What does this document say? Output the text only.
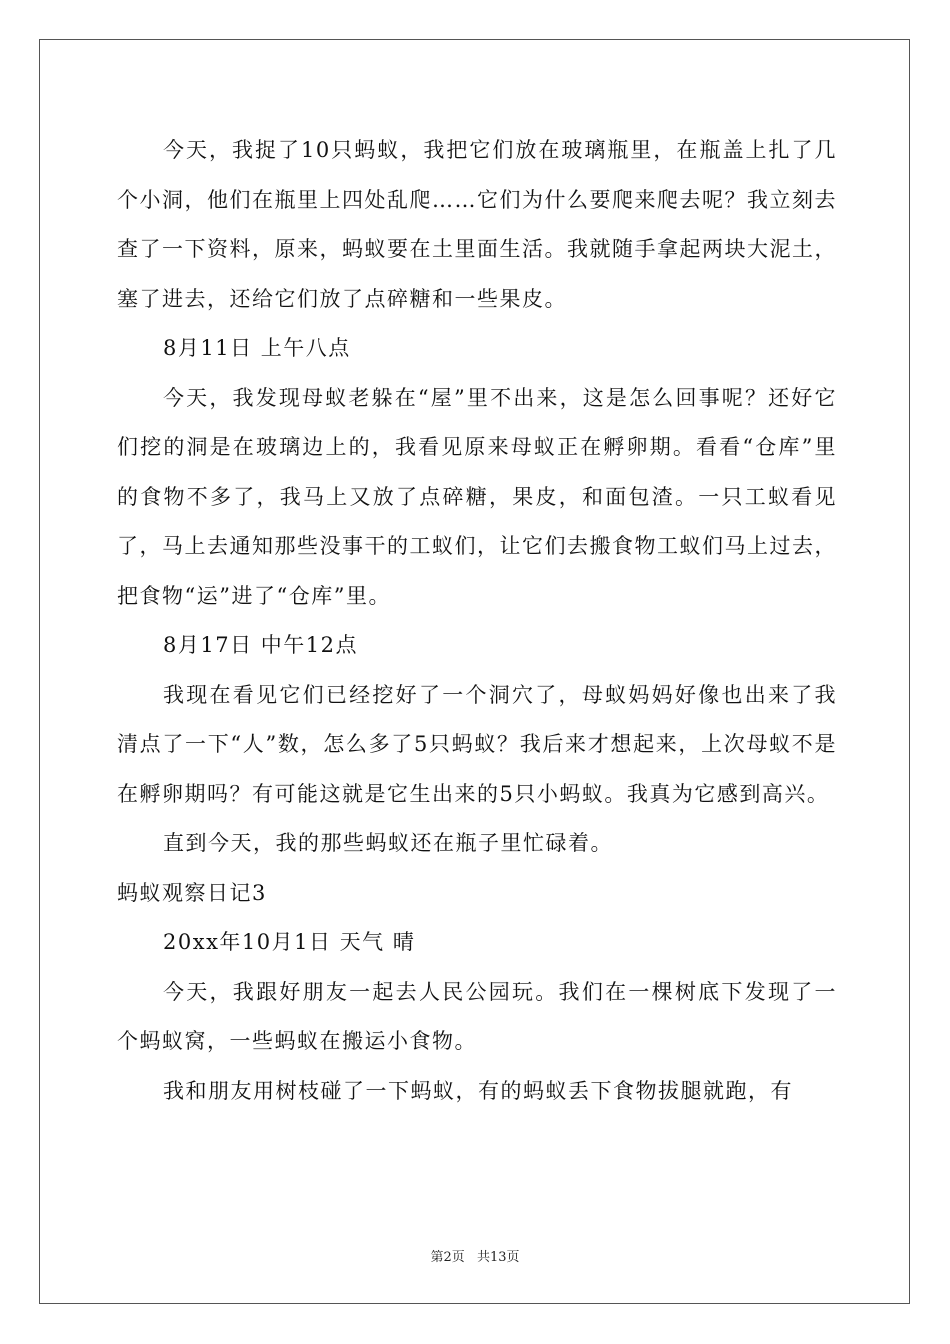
今天，我捉了10只蚂蚁，我把它们放在玻璃瓶里，在瓶盖上扎了几个小洞，他们在瓶里上四处乱爬……它们为什么要爬来爬去呢？我立刻去查了一下资料，原来，蚂蚁要在土里面生活。我就随手拿起两块大泥土，塞了进去，还给它们放了点碎糖和一些果皮。

8月11日 上午八点

今天，我发现母蚁老躲在“屋”里不出来，这是怎么回事呢？还好它们挖的洞是在玻璃边上的，我看见原来母蚁正在孵卵期。看看“仓库”里的食物不多了，我马上又放了点碎糖，果皮，和面包渣。一只工蚁看见了，马上去通知那些没事干的工蚁们，让它们去搬食物工蚁们马上过去，把食物“运”进了“仓库”里。

8月17日 中午12点

我现在看见它们已经挖好了一个洞穴了，母蚁妈妈好像也出来了我清点了一下“人”数，怎么多了5只蚂蚁？我后来才想起来，上次母蚁不是在孵卵期吗？有可能这就是它生出来的5只小蚂蚁。我真为它感到高兴。

直到今天，我的那些蚂蚁还在瓶子里忙碌着。

蚂蚁观察日记3

20xx年10月1日 天气 晴

今天，我跟好朋友一起去人民公园玩。我们在一棵树底下发现了一个蚂蚁窝，一些蚂蚁在搬运小食物。

我和朋友用树枝碰了一下蚂蚁，有的蚂蚁丢下食物拔腿就跑，有

第2页 共13页
